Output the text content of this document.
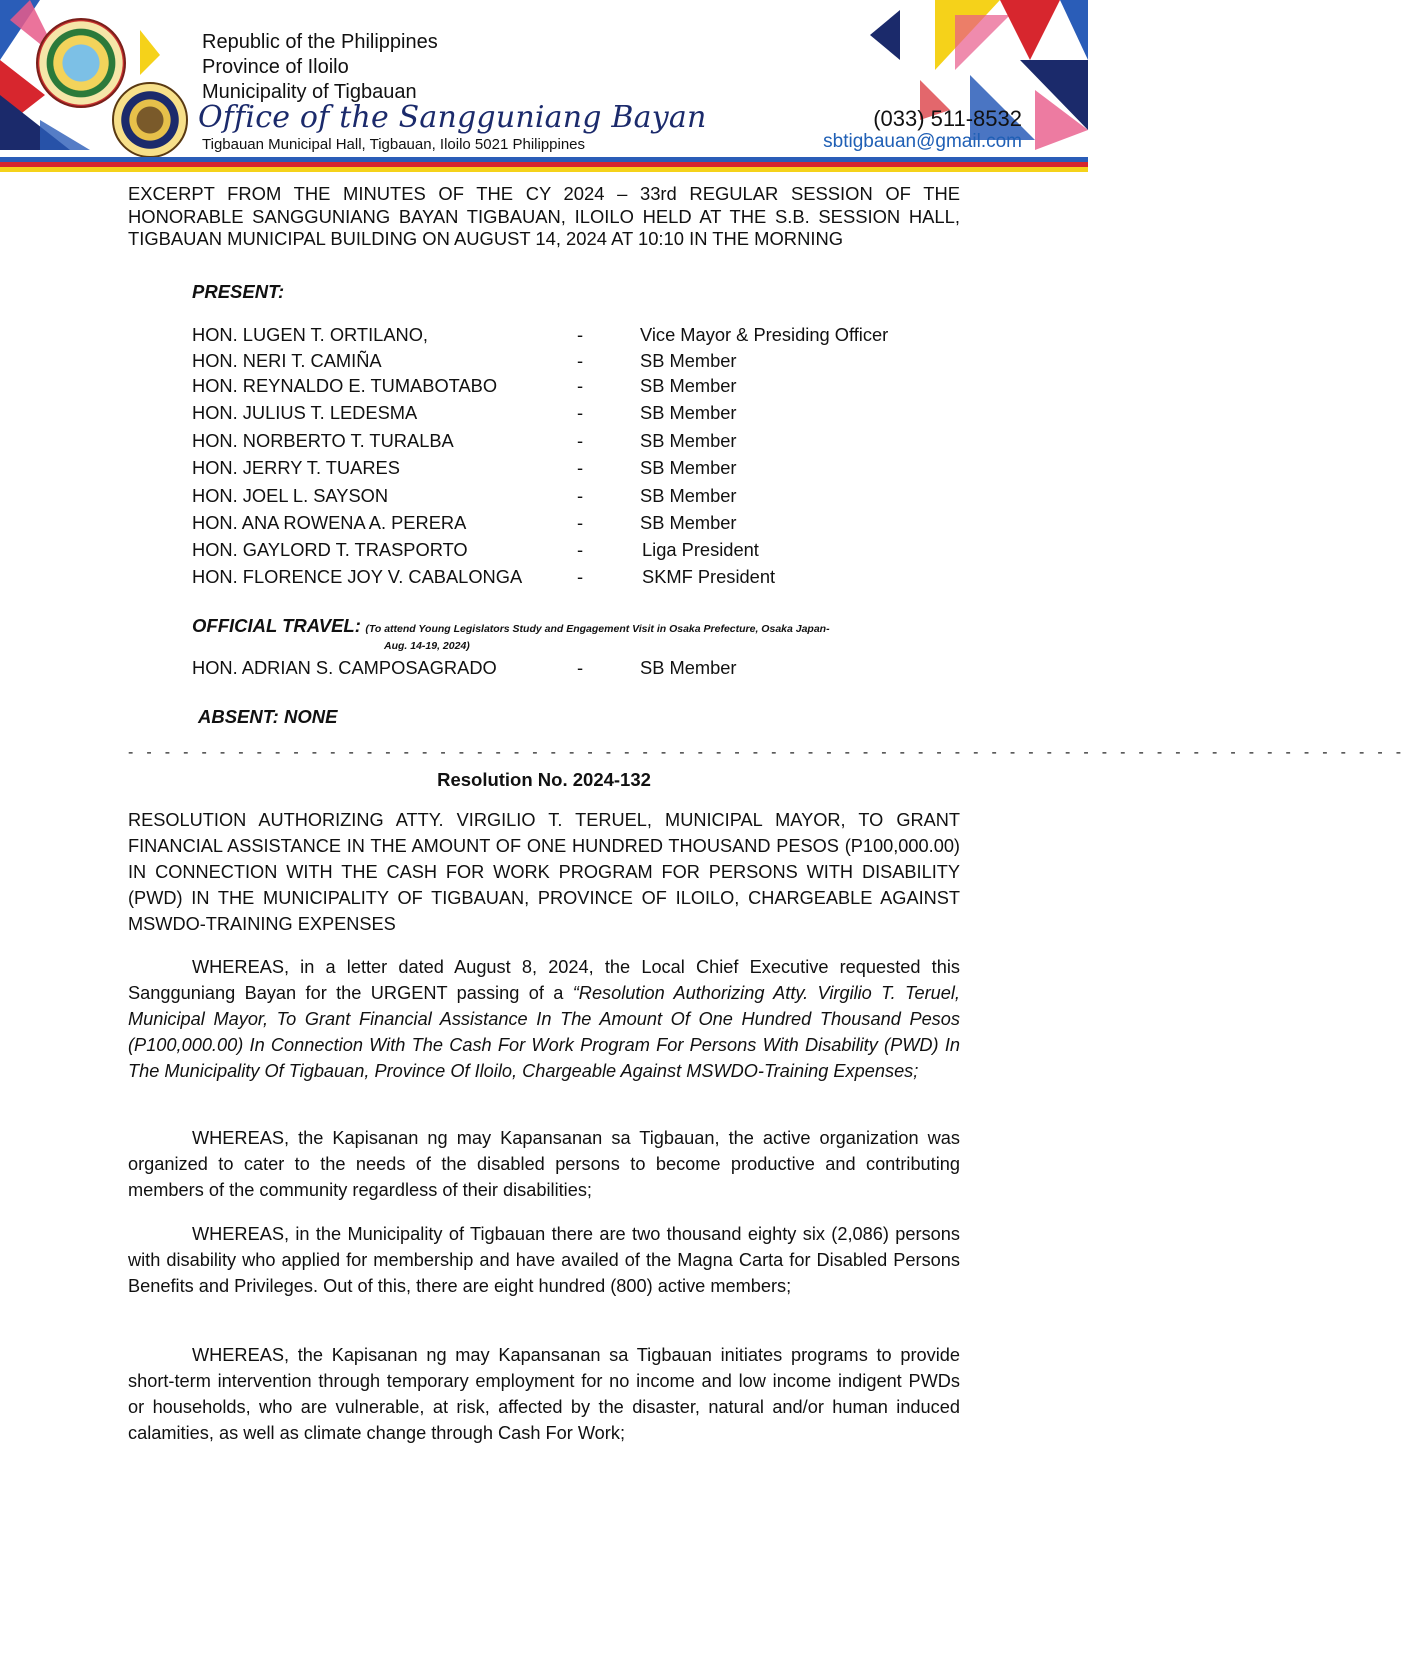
Republic of the Philippines
Province of Iloilo
Municipality of Tigbauan
Office of the Sangguniang Bayan
Tigbauan Municipal Hall, Tigbauan, Iloilo 5021 Philippines
(033) 511-8532
sbtigbauan@gmail.com
EXCERPT FROM THE MINUTES OF THE CY 2024 – 33rd REGULAR SESSION OF THE HONORABLE SANGGUNIANG BAYAN TIGBAUAN, ILOILO HELD AT THE S.B. SESSION HALL, TIGBAUAN MUNICIPAL BUILDING ON AUGUST 14, 2024 AT 10:10 IN THE MORNING
PRESENT:
HON. LUGEN T. ORTILANO,	-	Vice Mayor & Presiding Officer
HON. NERI T. CAMIÑA	-	SB Member
HON. REYNALDO E. TUMABOTABO	-	SB Member
HON. JULIUS T. LEDESMA	-	SB Member
HON. NORBERTO T. TURALBA	-	SB Member
HON. JERRY T. TUARES	-	SB Member
HON. JOEL L. SAYSON	-	SB Member
HON. ANA ROWENA A. PERERA	-	SB Member
HON. GAYLORD T. TRASPORTO	-	Liga President
HON. FLORENCE JOY V. CABALONGA	-	SKMF President
OFFICIAL TRAVEL: (To attend Young Legislators Study and Engagement Visit in Osaka Prefecture, Osaka Japan-
Aug. 14-19, 2024)
HON. ADRIAN S. CAMPOSAGRADO	-	SB Member
ABSENT: NONE
- - - - - - - - - - - - - - - - - - - - - - - - - - - - - - - - - - - - - - - - - - - - - - - - - - - - - - - - - - - - - - - - - - - - - -
Resolution No. 2024-132
RESOLUTION AUTHORIZING ATTY. VIRGILIO T. TERUEL, MUNICIPAL MAYOR, TO GRANT FINANCIAL ASSISTANCE IN THE AMOUNT OF ONE HUNDRED THOUSAND PESOS (P100,000.00) IN CONNECTION WITH THE CASH FOR WORK PROGRAM FOR PERSONS WITH DISABILITY (PWD) IN THE MUNICIPALITY OF TIGBAUAN, PROVINCE OF ILOILO, CHARGEABLE AGAINST MSWDO-TRAINING EXPENSES
WHEREAS, in a letter dated August 8, 2024, the Local Chief Executive requested this Sangguniang Bayan for the URGENT passing of a “Resolution Authorizing Atty. Virgilio T. Teruel, Municipal Mayor, To Grant Financial Assistance In The Amount Of One Hundred Thousand Pesos (P100,000.00) In Connection With The Cash For Work Program For Persons With Disability (PWD) In The Municipality Of Tigbauan, Province Of Iloilo, Chargeable Against MSWDO-Training Expenses;
WHEREAS, the Kapisanan ng may Kapansanan sa Tigbauan, the active organization was organized to cater to the needs of the disabled persons to become productive and contributing members of the community regardless of their disabilities;
WHEREAS, in the Municipality of Tigbauan there are two thousand eighty six (2,086) persons with disability who applied for membership and have availed of the Magna Carta for Disabled Persons Benefits and Privileges. Out of this, there are eight hundred (800) active members;
WHEREAS, the Kapisanan ng may Kapansanan sa Tigbauan initiates programs to provide short-term intervention through temporary employment for no income and low income indigent PWDs or households, who are vulnerable, at risk, affected by the disaster, natural and/or human induced calamities, as well as climate change through Cash For Work;
